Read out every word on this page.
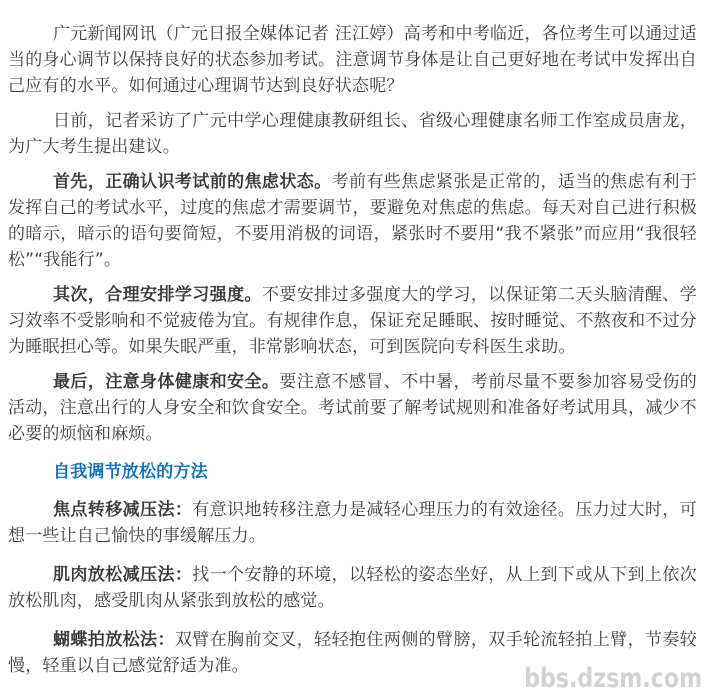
广元新闻网讯（广元日报全媒体记者 汪江婷）高考和中考临近，各位考生可以通过适当的身心调节以保持良好的状态参加考试。注意调节身体是让自己更好地在考试中发挥出自己应有的水平。如何通过心理调节达到良好状态呢？

日前，记者采访了广元中学心理健康教研组长、省级心理健康名师工作室成员唐龙，为广大考生提出建议。

首先，正确认识考试前的焦虑状态。考前有些焦虑紧张是正常的，适当的焦虑有利于发挥自己的考试水平，过度的焦虑才需要调节，要避免对焦虑的焦虑。每天对自己进行积极的暗示，暗示的语句要简短，不要用消极的词语，紧张时不要用“我不紧张”而应用“我很轻松”“我能行”。

其次，合理安排学习强度。不要安排过多强度大的学习，以保证第二天头脑清醒、学习效率不受影响和不觉疲倦为宜。有规律作息，保证充足睡眠、按时睡觉、不熬夜和不过分为睡眠担心等。如果失眠严重，非常影响状态，可到医院向专科医生求助。

最后，注意身体健康和安全。要注意不感冒、不中暑，考前尽量不要参加容易受伤的活动，注意出行的人身安全和饮食安全。考试前要了解考试规则和准备好考试用具，减少不必要的烦恼和麻烦。

自我调节放松的方法

焦点转移减压法：有意识地转移注意力是减轻心理压力的有效途径。压力过大时，可想一些让自己愉快的事缓解压力。

肌肉放松减压法：找一个安静的环境，以轻松的姿态坐好，从上到下或从下到上依次放松肌肉，感受肌肉从紧张到放松的感觉。

蝴蝶拍放松法：双臂在胸前交叉，轻轻抱住两侧的臂膀，双手轮流轻拍上臂，节奏较慢，轻重以自己感觉舒适为准。	bbs.dzsm.com
